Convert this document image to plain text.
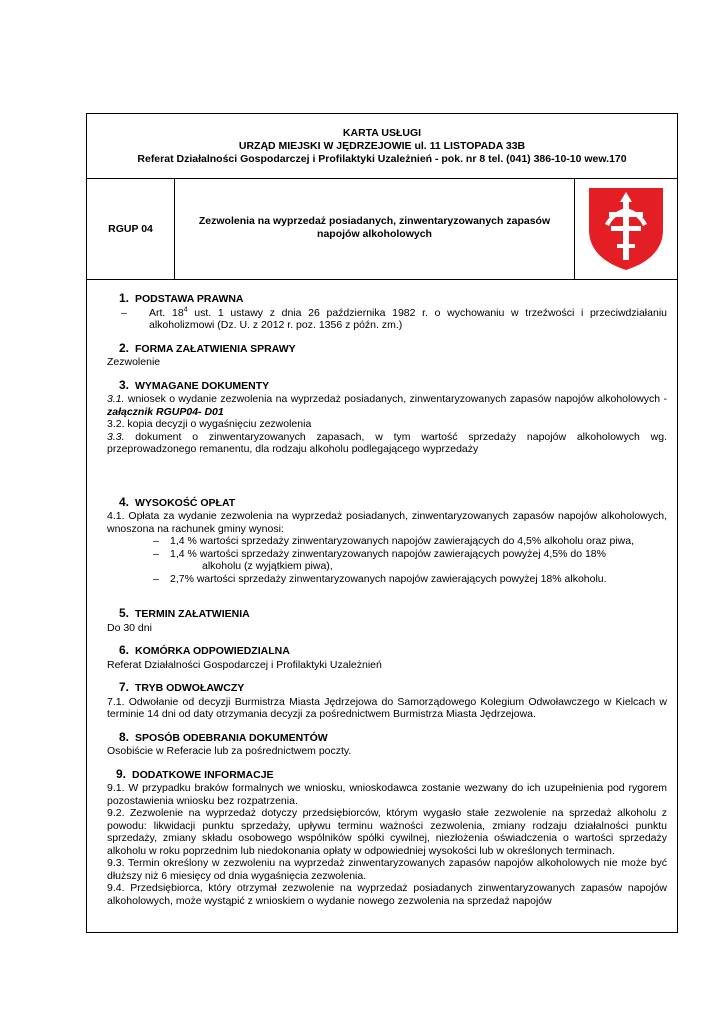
KARTA USŁUGI
URZĄD MIEJSKI W JĘDRZEJOWIE ul. 11 LISTOPADA 33B
Referat Działalności Gospodarczej i Profilaktyki Uzależnień - pok. nr 8 tel. (041) 386-10-10 wew.170
RGUP 04
Zezwolenia na wyprzedaż posiadanych, zinwentaryzowanych zapasów napojów alkoholowych
1. PODSTAWA PRAWNA
–	Art. $18^4$ ust. 1 ustawy z dnia 26 października 1982 r. o wychowaniu w trzeźwości i przeciwdziałaniu alkoholizmowi (Dz. U. z 2012 r. poz. 1356 z późn. zm.)
2. FORMA ZAŁATWIENIA SPRAWY
Zezwolenie
3. WYMAGANE DOKUMENTY
3.1. wniosek o wydanie zezwolenia na wyprzedaż posiadanych, zinwentaryzowanych zapasów napojów alkoholowych - załącznik RGUP04- D01
3.2. kopia decyzji o wygaśnięciu zezwolenia
3.3. dokument o zinwentaryzowanych zapasach, w tym wartość sprzedaży napojów alkoholowych wg. przeprowadzonego remanentu, dla rodzaju alkoholu podlegającego wyprzedaży
4. WYSOKOŚĆ OPŁAT
4.1. Opłata za wydanie zezwolenia na wyprzedaż posiadanych, zinwentaryzowanych zapasów napojów alkoholowych, wnoszona na rachunek gminy wynosi:
–	1,4 % wartości sprzedaży zinwentaryzowanych napojów zawierających do 4,5% alkoholu oraz piwa,
–	1,4 % wartości sprzedaży zinwentaryzowanych napojów zawierających powyżej 4,5% do 18%
alkoholu (z wyjątkiem piwa),
–	2,7% wartości sprzedaży zinwentaryzowanych napojów zawierających powyżej 18% alkoholu.
5. TERMIN ZAŁATWIENIA
Do 30 dni
6. KOMÓRKA ODPOWIEDZIALNA
Referat Działalności Gospodarczej i Profilaktyki Uzależnień
7. TRYB ODWOŁAWCZY
7.1. Odwołanie od decyzji Burmistrza Miasta Jędrzejowa do Samorządowego Kolegium Odwoławczego w Kielcach w terminie 14 dni od daty otrzymania decyzji za pośrednictwem Burmistrza Miasta Jędrzejowa.
8. SPOSÓB ODEBRANIA DOKUMENTÓW
Osobiście w Referacie lub za pośrednictwem poczty.
9. DODATKOWE INFORMACJE
9.1. W przypadku braków formalnych we wniosku, wnioskodawca zostanie wezwany do ich uzupełnienia pod rygorem pozostawienia wniosku bez rozpatrzenia.
9.2. Zezwolenie na wyprzedaż dotyczy przedsiębiorców, którym wygasło stałe zezwolenie na sprzedaż alkoholu z powodu: likwidacji punktu sprzedaży, upływu terminu ważności zezwolenia, zmiany rodzaju działalności punktu sprzedaży, zmiany składu osobowego wspólników spółki cywilnej, niezłożenia oświadczenia o wartości sprzedaży alkoholu w roku poprzednim lub niedokonania opłaty w odpowiedniej wysokości lub w określonych terminach.
9.3. Termin określony w zezwoleniu na wyprzedaż zinwentaryzowanych zapasów napojów alkoholowych nie może być dłuższy niż 6 miesięcy od dnia wygaśnięcia zezwolenia.
9.4. Przedsiębiorca, który otrzymał zezwolenie na wyprzedaż posiadanych zinwentaryzowanych zapasów napojów alkoholowych, może wystąpić z wnioskiem o wydanie nowego zezwolenia na sprzedaż napojów
